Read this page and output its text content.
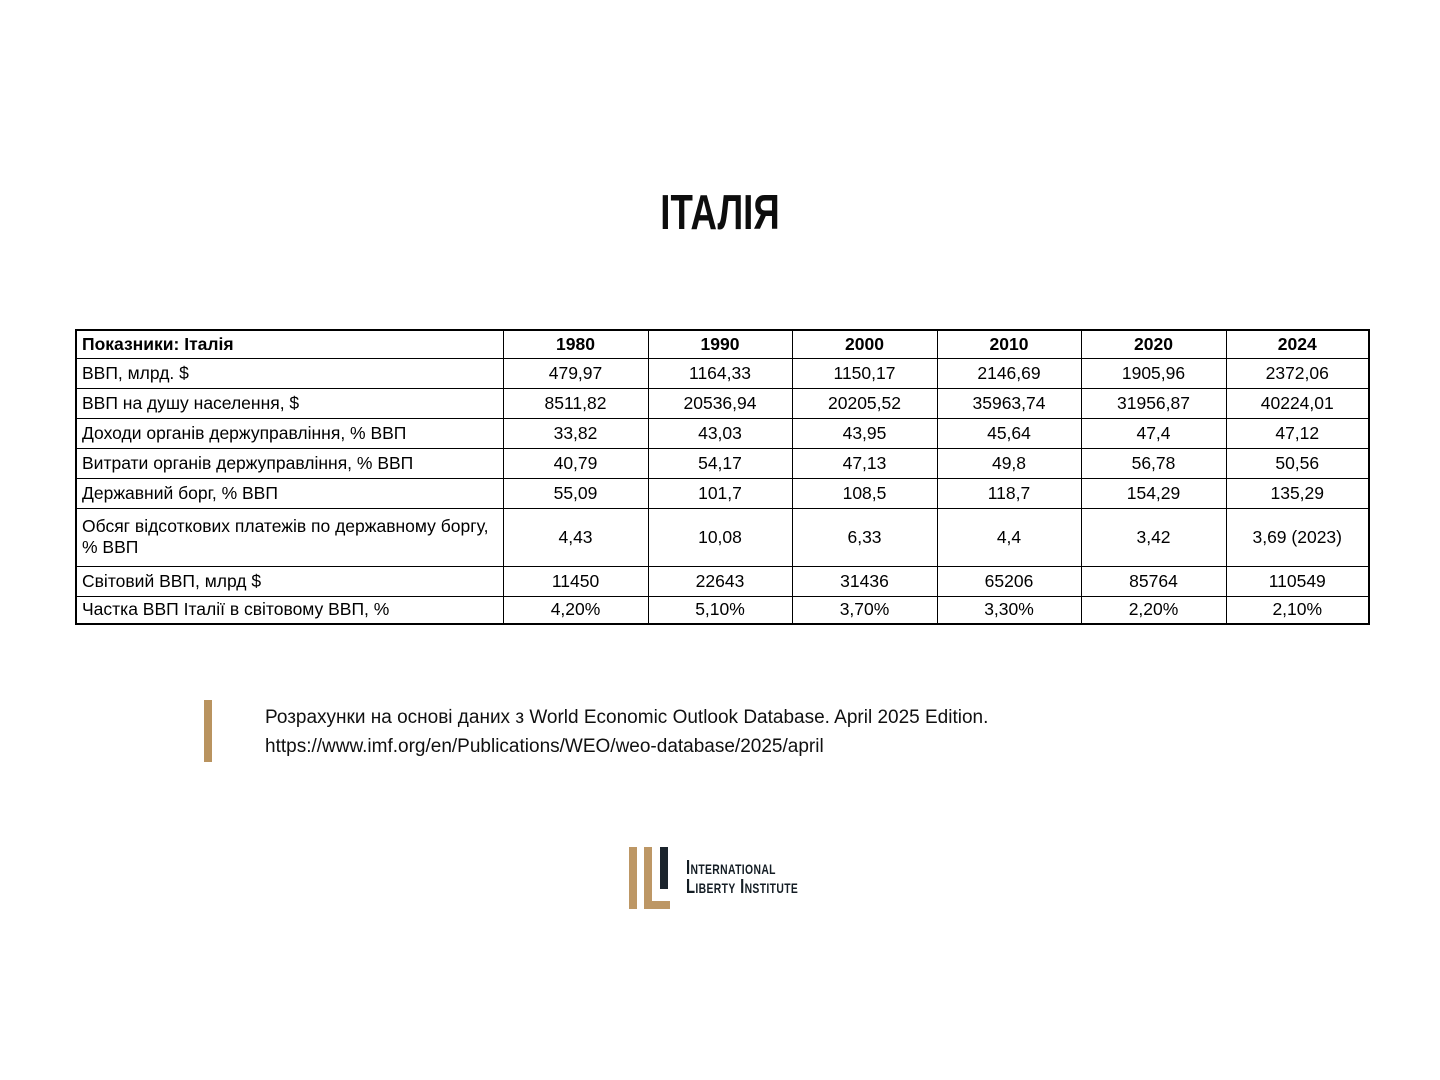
ІТАЛІЯ
Показники: Італія	1980	1990	2000	2010	2020	2024
ВВП, млрд. $	479,97	1164,33	1150,17	2146,69	1905,96	2372,06
ВВП на душу населення, $	8511,82	20536,94	20205,52	35963,74	31956,87	40224,01
Доходи органів держуправління, % ВВП	33,82	43,03	43,95	45,64	47,4	47,12
Витрати органів держуправління, % ВВП	40,79	54,17	47,13	49,8	56,78	50,56
Державний борг, % ВВП	55,09	101,7	108,5	118,7	154,29	135,29
Обсяг відсоткових платежів по державному боргу, % ВВП	4,43	10,08	6,33	4,4	3,42	3,69 (2023)
Світовий ВВП, млрд $	11450	22643	31436	65206	85764	110549
Частка ВВП Італії в світовому ВВП, %	4,20%	5,10%	3,70%	3,30%	2,20%	2,10%
Розрахунки на основі даних з World Economic Outlook Database. April 2025 Edition.
https://www.imf.org/en/Publications/WEO/weo-database/2025/april
International
Liberty Institute
